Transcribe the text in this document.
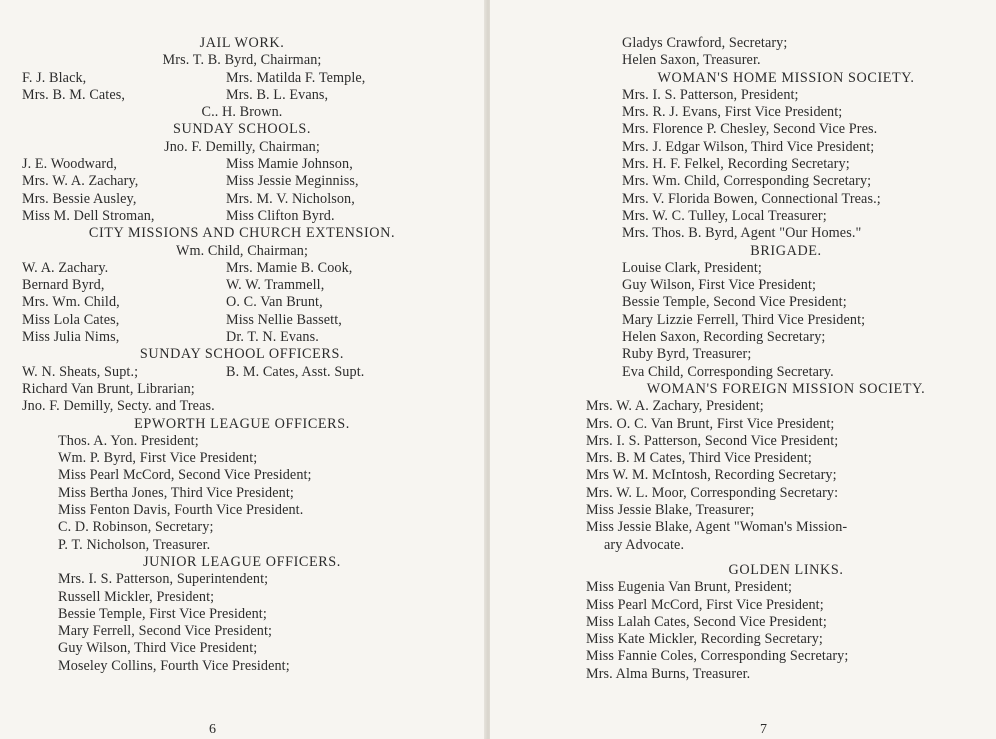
JAIL WORK.
Mrs. T. B. Byrd, Chairman;
F. J. Black,	Mrs. Matilda F. Temple,
Mrs. B. M. Cates,	Mrs. B. L. Evans,
C.. H. Brown.
SUNDAY SCHOOLS.
Jno. F. Demilly, Chairman;
J. E. Woodward,	Miss Mamie Johnson,
Mrs. W. A. Zachary,	Miss Jessie Meginniss,
Mrs. Bessie Ausley,	Mrs. M. V. Nicholson,
Miss M. Dell Stroman,	Miss Clifton Byrd.
CITY MISSIONS AND CHURCH EXTENSION.
Wm. Child, Chairman;
W. A. Zachary.	Mrs. Mamie B. Cook,
Bernard Byrd,	W. W. Trammell,
Mrs. Wm. Child,	O. C. Van Brunt,
Miss Lola Cates,	Miss Nellie Bassett,
Miss Julia Nims,	Dr. T. N. Evans.
SUNDAY SCHOOL OFFICERS.
W. N. Sheats, Supt.;	B. M. Cates, Asst. Supt.
Richard Van Brunt, Librarian;
Jno. F. Demilly, Secty. and Treas.
EPWORTH LEAGUE OFFICERS.
Thos. A. Yon. President;
Wm. P. Byrd, First Vice President;
Miss Pearl McCord, Second Vice President;
Miss Bertha Jones, Third Vice President;
Miss Fenton Davis, Fourth Vice President.
C. D. Robinson, Secretary;
P. T. Nicholson, Treasurer.
JUNIOR LEAGUE OFFICERS.
Mrs. I. S. Patterson, Superintendent;
Russell Mickler, President;
Bessie Temple, First Vice President;
Mary Ferrell, Second Vice President;
Guy Wilson, Third Vice President;
Moseley Collins, Fourth Vice President;
6
Gladys Crawford, Secretary;
Helen Saxon, Treasurer.
WOMAN'S HOME MISSION SOCIETY.
Mrs. I. S. Patterson, President;
Mrs. R. J. Evans, First Vice President;
Mrs. Florence P. Chesley, Second Vice Pres.
Mrs. J. Edgar Wilson, Third Vice President;
Mrs. H. F. Felkel, Recording Secretary;
Mrs. Wm. Child, Corresponding Secretary;
Mrs. V. Florida Bowen, Connectional Treas.;
Mrs. W. C. Tulley, Local Treasurer;
Mrs. Thos. B. Byrd, Agent "Our Homes."
BRIGADE.
Louise Clark, President;
Guy Wilson, First Vice President;
Bessie Temple, Second Vice President;
Mary Lizzie Ferrell, Third Vice President;
Helen Saxon, Recording Secretary;
Ruby Byrd, Treasurer;
Eva Child, Corresponding Secretary.
WOMAN'S FOREIGN MISSION SOCIETY.
Mrs. W. A. Zachary, President;
Mrs. O. C. Van Brunt, First Vice President;
Mrs. I. S. Patterson, Second Vice President;
Mrs. B. M Cates, Third Vice President;
Mrs W. M. McIntosh, Recording Secretary;
Mrs. W. L. Moor, Corresponding Secretary:
Miss Jessie Blake, Treasurer;
Miss Jessie Blake, Agent "Woman's Mission-
ary Advocate.
GOLDEN LINKS.
Miss Eugenia Van Brunt, President;
Miss Pearl McCord, First Vice President;
Miss Lalah Cates, Second Vice President;
Miss Kate Mickler, Recording Secretary;
Miss Fannie Coles, Corresponding Secretary;
Mrs. Alma Burns, Treasurer.
7
